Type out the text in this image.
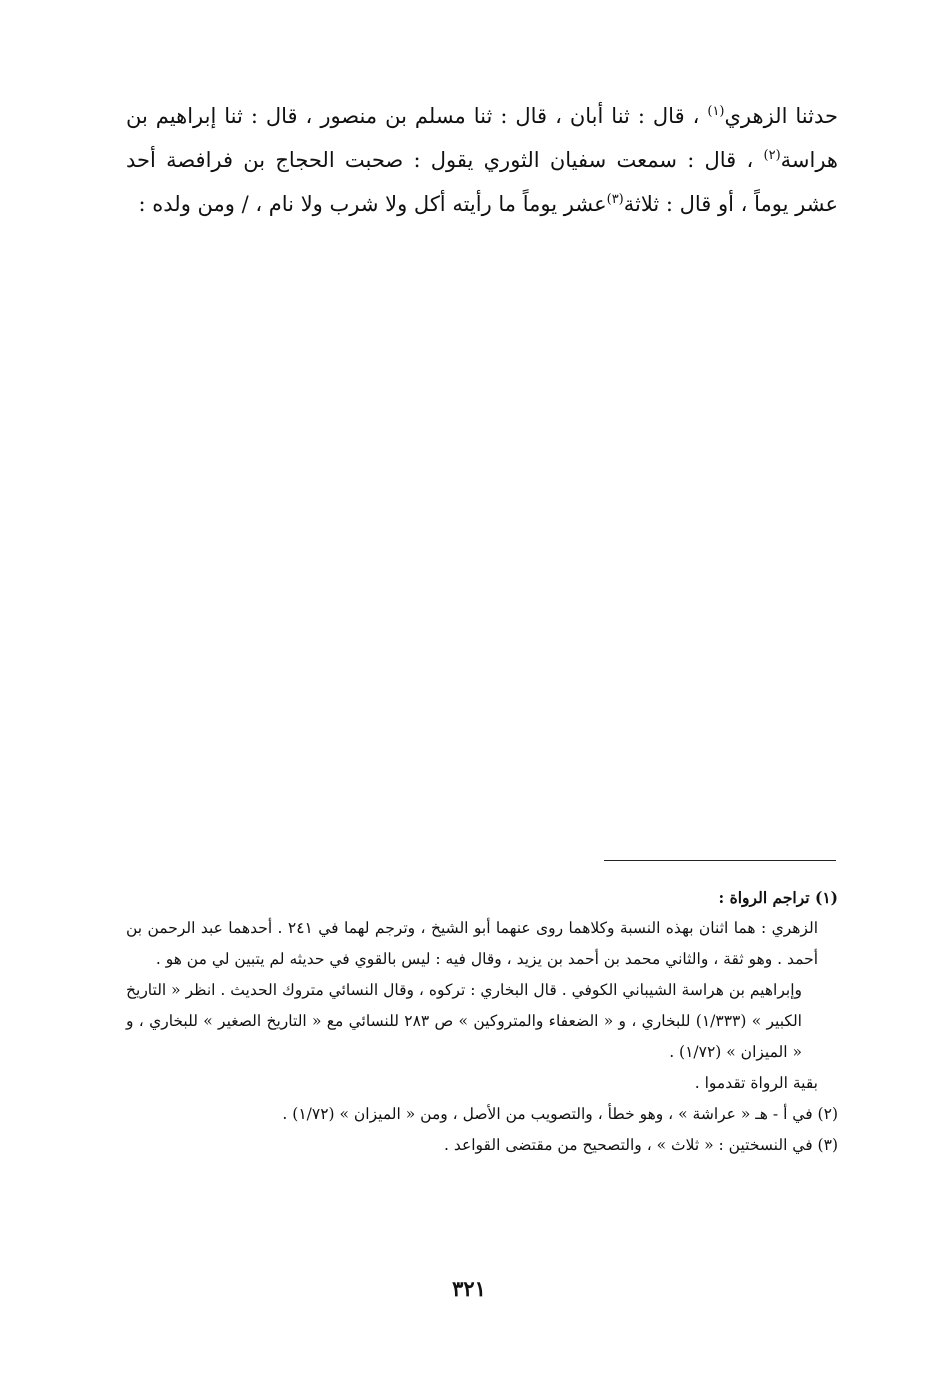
حدثنا الزهري$^{(١)}$ ، قال : ثنا أبان ، قال : ثنا مسلم بن منصور ، قال : ثنا إبراهيم بن هراسة$^{(٢)}$ ، قال : سمعت سفيان الثوري يقول : صحبت الحجاج بن فرافصة أحد عشر يوماً ، أو قال : ثلاثة$^{(٣)}$عشر يوماً ما رأيته أكل ولا شرب ولا نام ، / ومن ولده :

(١) تراجم الرواة :

الزهري : هما اثنان بهذه النسبة وكلاهما روى عنهما أبو الشيخ ، وترجم لهما في ٢٤١ . أحدهما عبد الرحمن بن أحمد . وهو ثقة ، والثاني محمد بن أحمد بن يزيد ، وقال فيه : ليس بالقوي في حديثه لم يتبين لي من هو .

وإبراهيم بن هراسة الشيباني الكوفي . قال البخاري : تركوه ، وقال النسائي متروك الحديث . انظر « التاريخ الكبير » (١/٣٣٣) للبخاري ، و « الضعفاء والمتروكين » ص ٢٨٣ للنسائي مع « التاريخ الصغير » للبخاري ، و « الميزان » (١/٧٢) .

بقية الرواة تقدموا .

(٢) في أ - هـ « عراشة » ، وهو خطأ ، والتصويب من الأصل ، ومن « الميزان » (١/٧٢) .

(٣) في النسختين : « ثلاث » ، والتصحيح من مقتضى القواعد .

٣٢١
